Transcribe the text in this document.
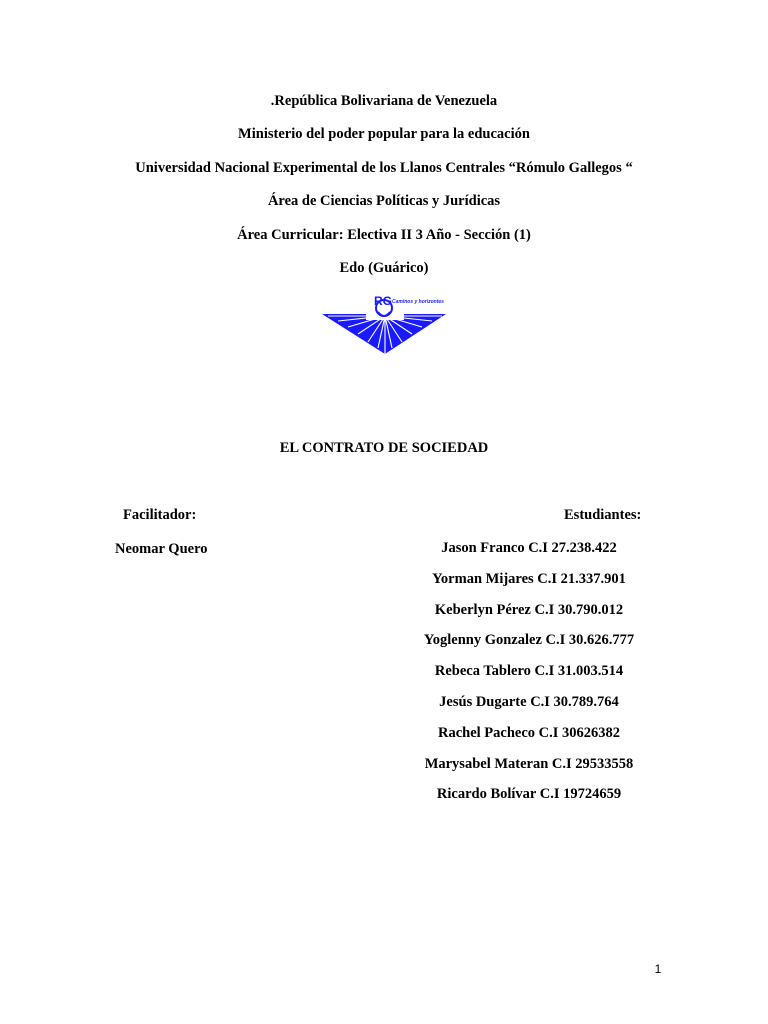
.República Bolivariana de Venezuela
Ministerio del poder popular para la educación
Universidad Nacional Experimental de los Llanos Centrales “Rómulo Gallegos “
Área de Ciencias Políticas y Jurídicas
Área Curricular: Electiva II 3 Año - Sección (1)
Edo (Guárico)
RG Caminos y horizontes
EL CONTRATO DE SOCIEDAD
Facilitador:
Neomar Quero
Estudiantes:
Jason Franco C.I 27.238.422
Yorman Mijares C.I 21.337.901
Keberlyn Pérez C.I 30.790.012
Yoglenny Gonzalez C.I 30.626.777
Rebeca Tablero C.I 31.003.514
Jesús Dugarte C.I 30.789.764
Rachel Pacheco C.I 30626382
Marysabel Materan C.I 29533558
Ricardo Bolívar C.I 19724659
1
